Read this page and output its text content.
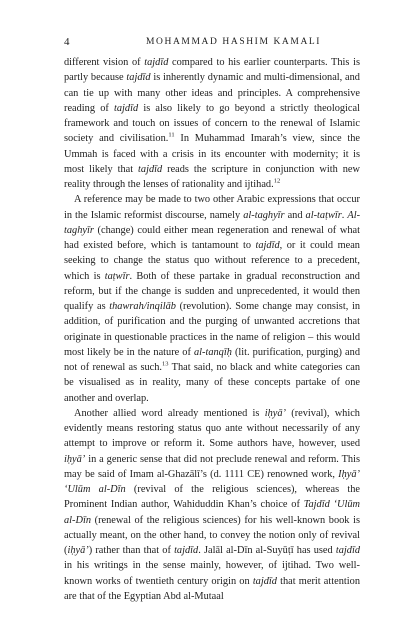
4	MOHAMMAD HASHIM KAMALI

different vision of tajdīd compared to his earlier counterparts. This is partly because tajdīd is inherently dynamic and multi-dimensional, and can tie up with many other ideas and principles. A comprehensive reading of tajdīd is also likely to go beyond a strictly theological framework and touch on issues of concern to the renewal of Islamic society and civilisation.$^{11}$ In Muhammad Imarah’s view, since the Ummah is faced with a crisis in its encounter with modernity; it is most likely that tajdīd reads the scripture in conjunction with new reality through the lenses of rationality and ijtihad.$^{12}$

A reference may be made to two other Arabic expressions that occur in the Islamic reformist discourse, namely al-taghyīr and al-taṭwīr. Al-taghyīr (change) could either mean regeneration and renewal of what had existed before, which is tantamount to tajdīd, or it could mean seeking to change the status quo without reference to a precedent, which is taṭwīr. Both of these partake in gradual reconstruction and reform, but if the change is sudden and unprecedented, it would then qualify as thawrah/inqilāb (revolution). Some change may consist, in addition, of purification and the purging of unwanted accretions that originate in questionable practices in the name of religion – this would most likely be in the nature of al-tanqīḥ (lit. purification, purging) and not of renewal as such.$^{13}$ That said, no black and white categories can be visualised as in reality, many of these concepts partake of one another and overlap.

Another allied word already mentioned is iḥyā’ (revival), which evidently means restoring status quo ante without necessarily of any attempt to improve or reform it. Some authors have, however, used iḥyā’ in a generic sense that did not preclude renewal and reform. This may be said of Imam al-Ghazālī’s (d. 1111 CE) renowned work, Iḥyā’ ‘Ulūm al-Dīn (revival of the religious sciences), whereas the Prominent Indian author, Wahiduddin Khan’s choice of Tajdīd ‘Ulūm al-Dīn (renewal of the religious sciences) for his well-known book is actually meant, on the other hand, to convey the notion only of revival (iḥyā’) rather than that of tajdīd. Jalāl al-Dīn al-Suyūṭī has used tajdīd in his writings in the sense mainly, however, of ijtihad. Two well-known works of twentieth century origin on tajdīd that merit attention are that of the Egyptian Abd al-Mutaal
